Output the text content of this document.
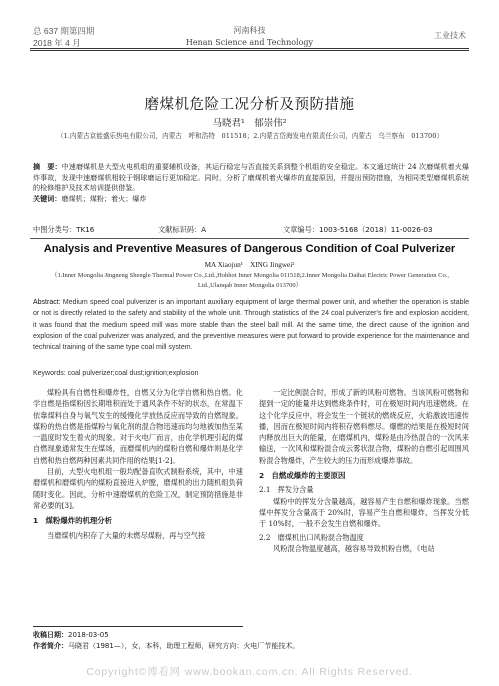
总 637 期第四期
2018 年 4 月
河南科技
Henan Science and Technology
工业技术
磨煤机危险工况分析及预防措施
马晓君¹　郁崇伟²
（1.内蒙古京能盛乐热电有限公司，内蒙古　呼和浩特　011518；2.内蒙古岱海发电有限责任公司，内蒙古　乌兰察布　013700）

摘　要：中速磨煤机是大型火电机组的重要辅机设备，其运行稳定与否直接关系到整个机组的安全稳定。本文通过统计 24 次磨煤机着火爆炸事故，发现中速磨煤机相较于钢球磨运行更加稳定。同时，分析了磨煤机着火爆炸的直接原因，并提出预防措施，为相同类型磨煤机系统的检修维护及技术培训提供借鉴。

关键词：磨煤机；煤粉；着火；爆炸

中图分类号：TK16	文献标识码：A	文章编号：1003-5168（2018）11-0026-03
Analysis and Preventive Measures of Dangerous Condition of Coal Pulverizer
MA Xiaojun¹　XING Jingwei²
（1.Inner Mongolia Jingneng Shengle Thermal Power Co.,Ltd.,Hohhot Inner Mongolia 011518;2.Inner Mongolia Daihai Electric Power Generation Co., Ltd.,Ulanqab Inner Mongolia 013700）

Abstract: Medium speed coal pulverizer is an important auxiliary equipment of large thermal power unit, and whether the operation is stable or not is directly related to the safety and stability of the whole unit. Through statistics of the 24 coal pulverizer's fire and explosion accident, it was found that the medium speed mill was more stable than the steel ball mill. At the same time, the direct cause of the ignition and explosion of the coal pulverizer was analyzed, and the preventive measures were put forward to provide experience for the maintenance and technical training of the same type coal mill system.

Keywords: coal pulverizer;coal dust;ignition;explosion

煤粉具有自燃性和爆炸性，自燃又分为化学自燃和热自燃。化学自燃是指煤粉因长期堆积而处于通风条件不好的状态，在常温下依靠煤料自身与氧气发生的缓慢化学放热反应而导致的自燃现象。煤粉的热自燃是指煤粉与氧化剂的混合物迅速而均匀地被加热至某一温度时发生着火的现象。对于火电厂而言，由化学机理引起的煤自燃现象通常发生在煤场，而磨煤机内的煤粉自燃和爆炸则是化学自燃和热自燃两种因素共同作用的结果[1-2]。

目前，大型火电机组一般均配备直吹式制粉系统，其中，中速磨煤机和磨煤机内的煤粉直接进入炉膛，磨煤机的出力随机组负荷随时变化。因此，分析中速磨煤机的危险工况，制定预防措施是非常必要的[3]。

1　煤粉爆炸的机理分析

当磨煤机内积存了大量的未燃尽煤粉，再与空气接

一定比例混合时，形成了新的风粉可燃物。当该风粉可燃物和提到一定的能量并达到燃烧条件时，可在极短时间内迅速燃烧。在这个化学反应中，将会发生一个链状的燃烧反应，火焰激波迅速传播，因而在极短时间内将积存燃料燃尽。爆燃的结果是在极短时间内释放出巨大的能量，在磨煤机内，煤粉是由冷热混合的一次风来输送，一次风和煤粉混合成云雾状混合物，煤粉的自燃引起周围风粉混合物爆炸，产生较大的压力而形成爆炸事故。

2　自燃或爆炸的主要原因

2.1　挥发分含量

煤粉中的挥发分含量越高，越容易产生自燃和爆炸现象。当燃煤中挥发分含量高于 20%时，容易产生自燃和爆炸，当挥发分低于 10%时，一般不会发生自燃和爆炸。

2.2　磨煤机出口风粉混合物温度

风粉混合物温度越高，越容易导致机粉自燃，《电站

收稿日期：2018-03-05
作者简介：马晓君（1981—），女，本科，助理工程师，研究方向：火电厂节能技术。
Copyright©博看网 www.bookan.com.cn. All Rights Reserved.
